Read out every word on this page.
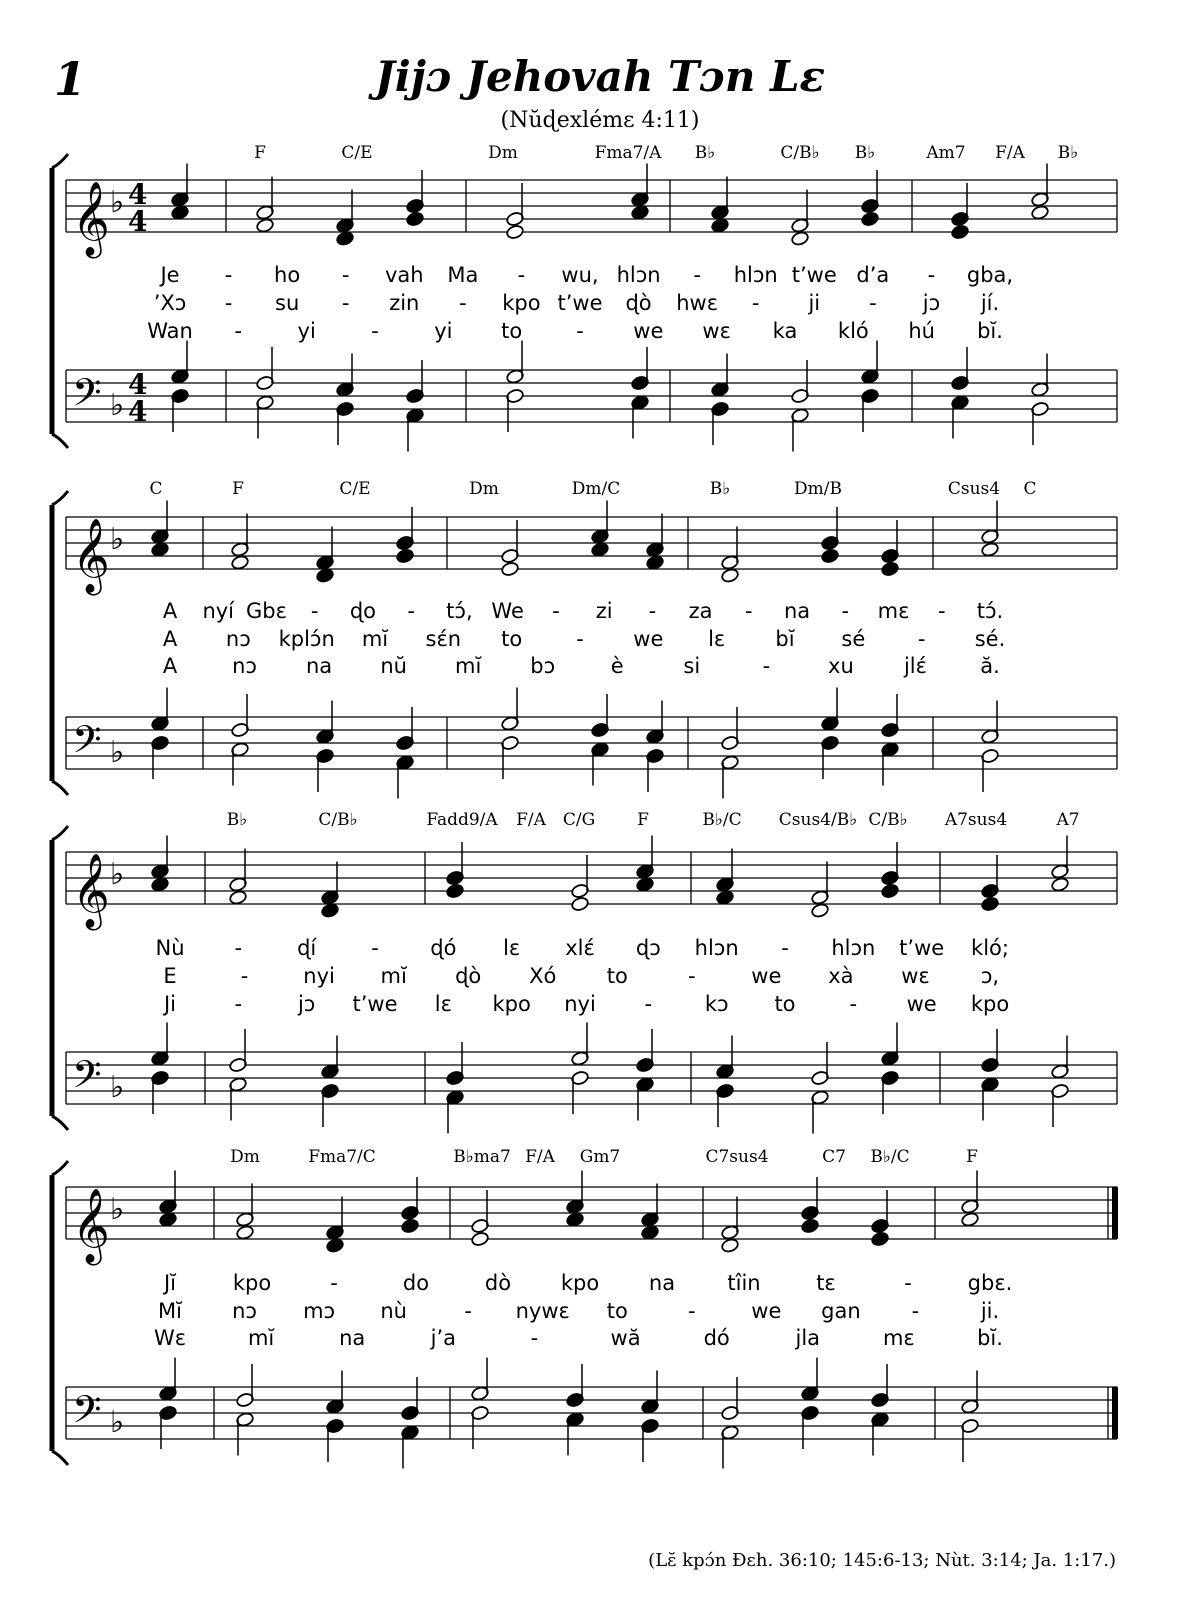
1	Jijɔ Jehovah Tɔn Lɛ
(Nŭɖexlémɛ 4:11)
𝄞 ♭ 4
4
𝄢 ♭
4
4
F	C/E	Dm	Fma7/A B♭	C/B♭ B♭	Am7 F/A B♭
Je - ho - vah Ma - wu, hlɔn - hlɔn t’we d’a - gba,
’Xɔ - su - zin - kpo t’we ɖò hwɛ - ji - jɔ jí.
Wan -	yi	-	yi to	- we wɛ ka kló hú bĭ.
𝄞 ♭
𝄢 ♭
C	F	C/E	Dm	Dm/C	B♭	Dm/B	Csus4 C
A nyí Gbɛ - ɖo - tɔ́, We - zi - za - na - mɛ - tɔ́.
A nɔ kplɔ́n mĭ sɛ́n to	- we lɛ bĭ sé	- sé.
A	nɔ na nŭ mĭ bɔ	è	si	-	xu jlɛ́	ă.
𝄞 ♭
𝄢 ♭
B♭	C/B♭	Fadd9/A F/A C/G F	B♭/C Csus4/B♭ C/B♭ A7sus4	A7
Nù -	ɖí	- ɖó lɛ xlɛ́ ɖɔ hlɔn - hlɔn t’we kló;
E	-	nyi mĭ ɖò Xó to	-	we xà wɛ ɔ,
Ji	-	jɔ t’we lɛ kpo nyi -	kɔ to	- we kpo
𝄞 ♭
𝄢 ♭
Dm	Fma7/C	B♭ma7 F/A Gm7	C7sus4	C7 B♭/C	F
Jĭ	kpo	-	do	dò kpo na tîin	tɛ	-	gbɛ.
Mĭ nɔ mɔ nù	- nywɛ to	-	we gan -	ji.
Wɛ	mĭ	na	j’a	-	wă	dó	jla	mɛ	bĭ.
(Lɛ̆ kpɔ́n Ðɛh. 36:10; 145:6-13; Nùt. 3:14; Ja. 1:17.)
